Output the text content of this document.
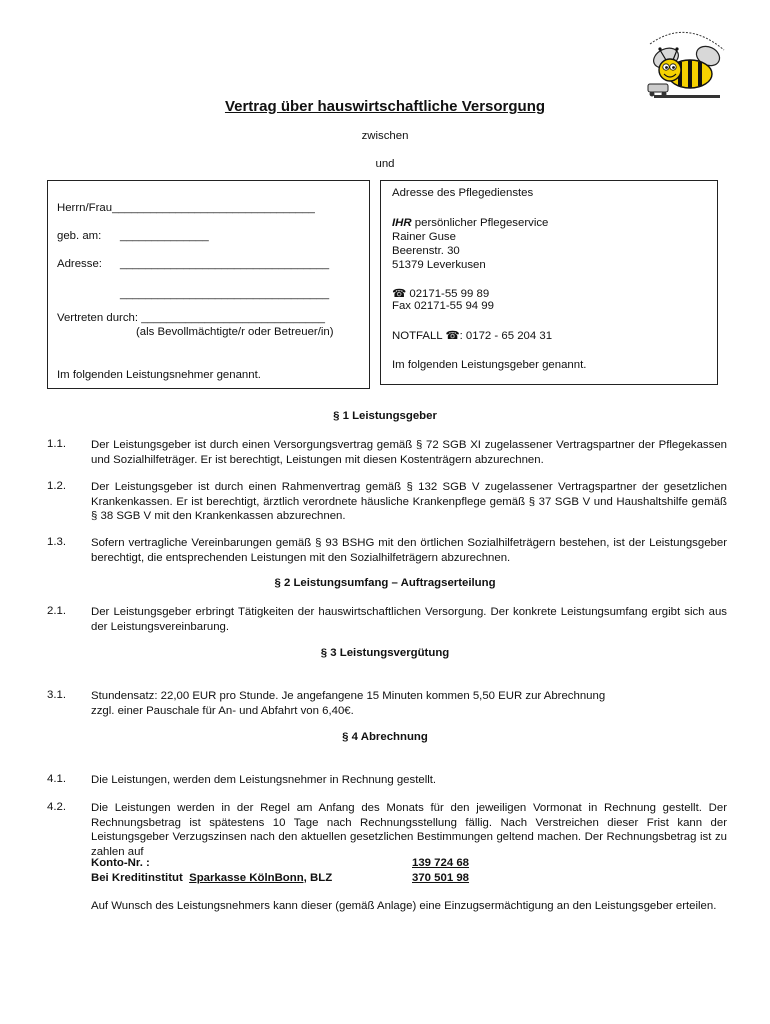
Vertrag über hauswirtschaftliche Versorgung
zwischen
und
Herrn/Frau________________________________
geb. am: ______________
Adresse: _________________________________
_________________________________
Vertreten durch: _____________________________
(als Bevollmächtigte/r oder Betreuer/in)
Im folgenden Leistungsnehmer genannt.
Adresse des Pflegedienstes
IHR persönlicher Pflegeservice
Rainer Guse
Beerenstr. 30
51379 Leverkusen
☎ 02171-55 99 89
Fax 02171-55 94 99
NOTFALL ☎: 0172 - 65 204 31
Im folgenden Leistungsgeber genannt.
§ 1 Leistungsgeber
1.1. Der Leistungsgeber ist durch einen Versorgungsvertrag gemäß § 72 SGB XI zugelassener Vertragspartner der Pflegekassen und Sozialhilfeträger. Er ist berechtigt, Leistungen mit diesen Kostenträgern abzurechnen.
1.2. Der Leistungsgeber ist durch einen Rahmenvertrag gemäß § 132 SGB V zugelassener Vertragspartner der gesetzlichen Krankenkassen. Er ist berechtigt, ärztlich verordnete häusliche Krankenpflege gemäß § 37 SGB V und Haushaltshilfe gemäß § 38 SGB V mit den Krankenkassen abzurechnen.
1.3. Sofern vertragliche Vereinbarungen gemäß § 93 BSHG mit den örtlichen Sozialhilfeträgern bestehen, ist der Leistungsgeber berechtigt, die entsprechenden Leistungen mit den Sozialhilfeträgern abzurechnen.
§ 2 Leistungsumfang – Auftragserteilung
2.1. Der Leistungsgeber erbringt Tätigkeiten der hauswirtschaftlichen Versorgung. Der konkrete Leistungsumfang ergibt sich aus der Leistungsvereinbarung.
§ 3 Leistungsvergütung
3.1. Stundensatz: 22,00 EUR pro Stunde. Je angefangene 15 Minuten kommen 5,50 EUR zur Abrechnung
zzgl. einer Pauschale für An- und Abfahrt von 6,40€.
§ 4 Abrechnung
4.1. Die Leistungen, werden dem Leistungsnehmer in Rechnung gestellt.
4.2. Die Leistungen werden in der Regel am Anfang des Monats für den jeweiligen Vormonat in Rechnung gestellt. Der Rechnungsbetrag ist spätestens 10 Tage nach Rechnungsstellung fällig. Nach Verstreichen dieser Frist kann der Leistungsgeber Verzugszinsen nach den aktuellen gesetzlichen Bestimmungen geltend machen. Der Rechnungsbetrag ist zu zahlen auf
Konto-Nr. :	139 724 68
Bei Kreditinstitut Sparkasse KölnBonn, BLZ	370 501 98
Auf Wunsch des Leistungsnehmers kann dieser (gemäß Anlage) eine Einzugsermächtigung an den Leistungsgeber erteilen.
